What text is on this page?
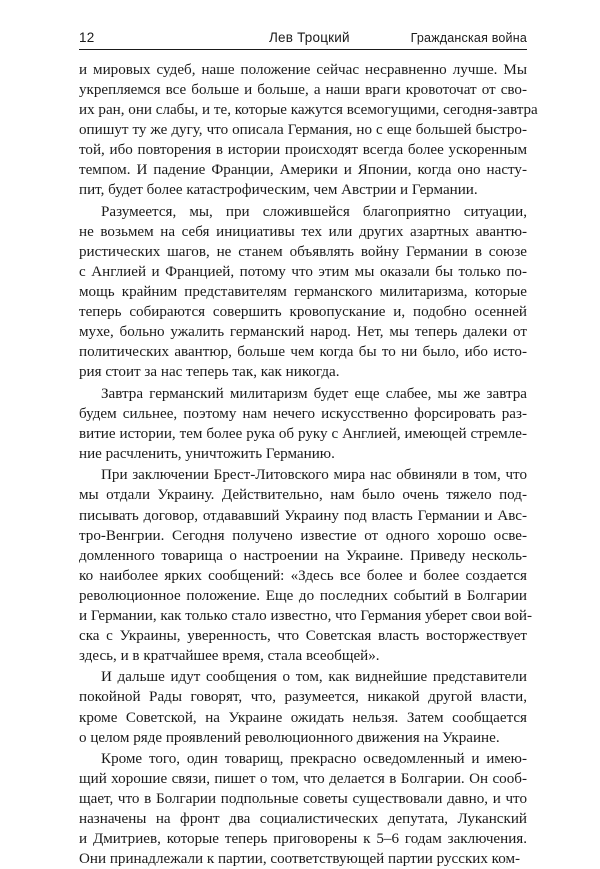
12	Лев Троцкий	Гражданская война
и мировых судеб, наше положение сейчас несравненно лучше. Мы
укрепляемся все больше и больше, а наши враги кровоточат от сво-
их ран, они слабы, и те, которые кажутся всемогущими, сегодня-завтра
опишут ту же дугу, что описала Германия, но с еще большей быстро-
той, ибо повторения в истории происходят всегда более ускоренным
темпом. И падение Франции, Америки и Японии, когда оно насту-
пит, будет более катастрофическим, чем Австрии и Германии.
Разумеется, мы, при сложившейся благоприятно ситуации,
не возьмем на себя инициативы тех или других азартных авантю-
ристических шагов, не станем объявлять войну Германии в союзе
с Англией и Францией, потому что этим мы оказали бы только по-
мощь крайним представителям германского милитаризма, которые
теперь собираются совершить кровопускание и, подобно осенней
мухе, больно ужалить германский народ. Нет, мы теперь далеки от
политических авантюр, больше чем когда бы то ни было, ибо исто-
рия стоит за нас теперь так, как никогда.
Завтра германский милитаризм будет еще слабее, мы же завтра
будем сильнее, поэтому нам нечего искусственно форсировать раз-
витие истории, тем более рука об руку с Англией, имеющей стремле-
ние расчленить, уничтожить Германию.
При заключении Брест-Литовского мира нас обвиняли в том, что
мы отдали Украину. Действительно, нам было очень тяжело под-
писывать договор, отдававший Украину под власть Германии и Авс-
тро-Венгрии. Сегодня получено известие от одного хорошо осве-
домленного товарища о настроении на Украине. Приведу несколь-
ко наиболее ярких сообщений: «Здесь все более и более создается
революционное положение. Еще до последних событий в Болгарии
и Германии, как только стало известно, что Германия уберет свои вой-
ска с Украины, уверенность, что Советская власть восторжествует
здесь, и в кратчайшее время, стала всеобщей».
И дальше идут сообщения о том, как виднейшие представители
покойной Рады говорят, что, разумеется, никакой другой власти,
кроме Советской, на Украине ожидать нельзя. Затем сообщается
о целом ряде проявлений революционного движения на Украине.
Кроме того, один товарищ, прекрасно осведомленный и имею-
щий хорошие связи, пишет о том, что делается в Болгарии. Он сооб-
щает, что в Болгарии подпольные советы существовали давно, и что
назначены на фронт два социалистических депутата, Луканский
и Дмитриев, которые теперь приговорены к 5–6 годам заключения.
Они принадлежали к партии, соответствующей партии русских ком-
